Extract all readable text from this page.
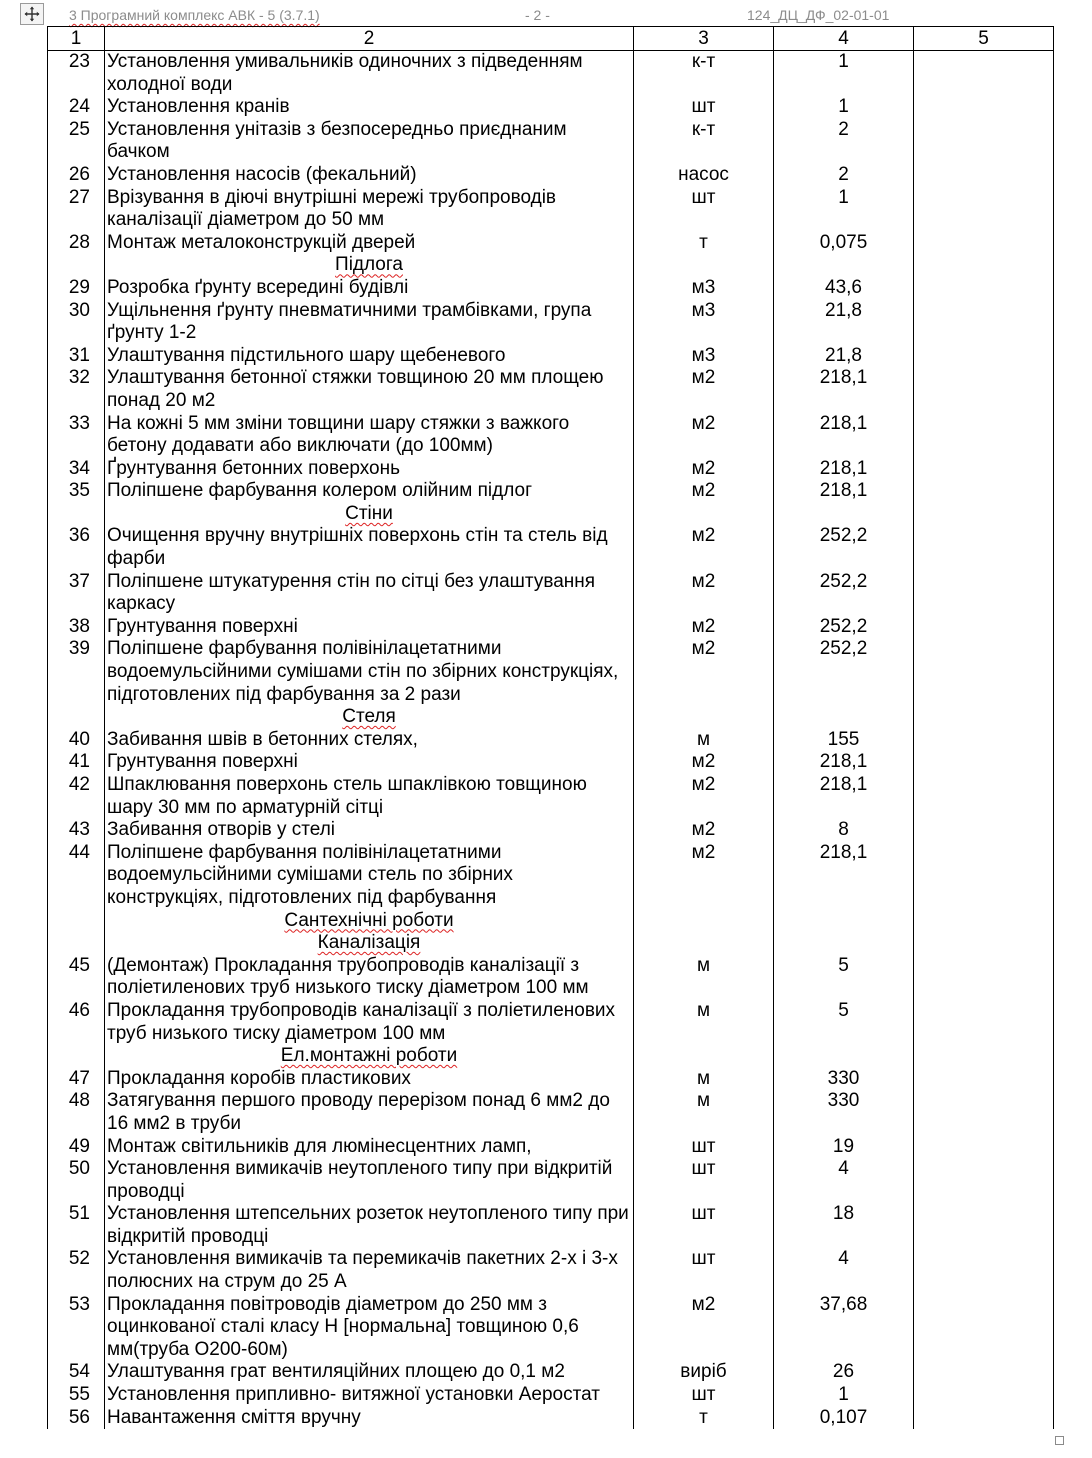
3 Програмний комплекс АВК - 5 (3.7.1)	- 2 -	124_ДЦ_ДФ_02-01-01
1	2	3	4	5
23	Установлення умивальників одиночних з підведенням холодної води	к-т	1	
24	Установлення кранів	шт	1	
25	Установлення унітазів з безпосередньо приєднаним бачком	к-т	2	
26	Установлення насосів (фекальний)	насос	2	
27	Врізування в діючі внутрішні мережі трубопроводів каналізації діаметром до 50 мм	шт	1	
28	Монтаж металоконструкцій дверей	т	0,075	
	Підлога			
29	Розробка ґрунту всередині будівлі	м3	43,6	
30	Ущільнення ґрунту пневматичними трамбівками, група ґрунту 1-2	м3	21,8	
31	Улаштування підстильного шару щебеневого	м3	21,8	
32	Улаштування бетонної стяжки товщиною 20 мм площею понад 20 м2	м2	218,1	
33	На кожні 5 мм зміни товщини шару стяжки з важкого бетону додавати або виключати (до 100мм)	м2	218,1	
34	Ґрунтування бетонних поверхонь	м2	218,1	
35	Поліпшене фарбування колером олійним підлог	м2	218,1	
	Стіни			
36	Очищення вручну внутрішніх поверхонь стін та стель від фарби	м2	252,2	
37	Поліпшене штукатурення стін по сітці без улаштування каркасу	м2	252,2	
38	Грунтування поверхні	м2	252,2	
39	Поліпшене фарбування полівінілацетатними водоемульсійними сумішами стін по збірних конструкціях, підготовлених під фарбування за 2 рази	м2	252,2	
	Стеля			
40	Забивання швів в бетонних стелях,	м	155	
41	Грунтування поверхні	м2	218,1	
42	Шпаклювання поверхонь стель шпаклівкою товщиною шару 30 мм по арматурній сітці	м2	218,1	
43	Забивання отворів у стелі	м2	8	
44	Поліпшене фарбування полівінілацетатними водоемульсійними сумішами стель по збірних конструкціях, підготовлених під фарбування	м2	218,1	
	Сантехнічні роботи			
	Каналізація			
45	(Демонтаж) Прокладання трубопроводів каналізації з поліетиленових труб низького тиску діаметром 100 мм	м	5	
46	Прокладання трубопроводів каналізації з поліетиленових труб низького тиску діаметром 100 мм	м	5	
	Ел.монтажні роботи			
47	Прокладання коробів пластикових	м	330	
48	Затягування першого проводу перерізом понад 6 мм2 до 16 мм2 в труби	м	330	
49	Монтаж світильників для люмінесцентних ламп,	шт	19	
50	Установлення вимикачів неутопленого типу при відкритій проводці	шт	4	
51	Установлення штепсельних розеток неутопленого типу при відкритій проводці	шт	18	
52	Установлення вимикачів та перемикачів пакетних 2-х і 3-х полюсних на струм до 25 А	шт	4	
53	Прокладання повітроводів діаметром до 250 мм з оцинкованої сталі класу Н [нормальна] товщиною 0,6 мм(труба О200-60м)	м2	37,68	
54	Улаштування грат вентиляційних площею до 0,1 м2	виріб	26	
55	Установлення припливно- витяжної установки Аеростат	шт	1	
56	Навантаження сміття вручну	т	0,107	
